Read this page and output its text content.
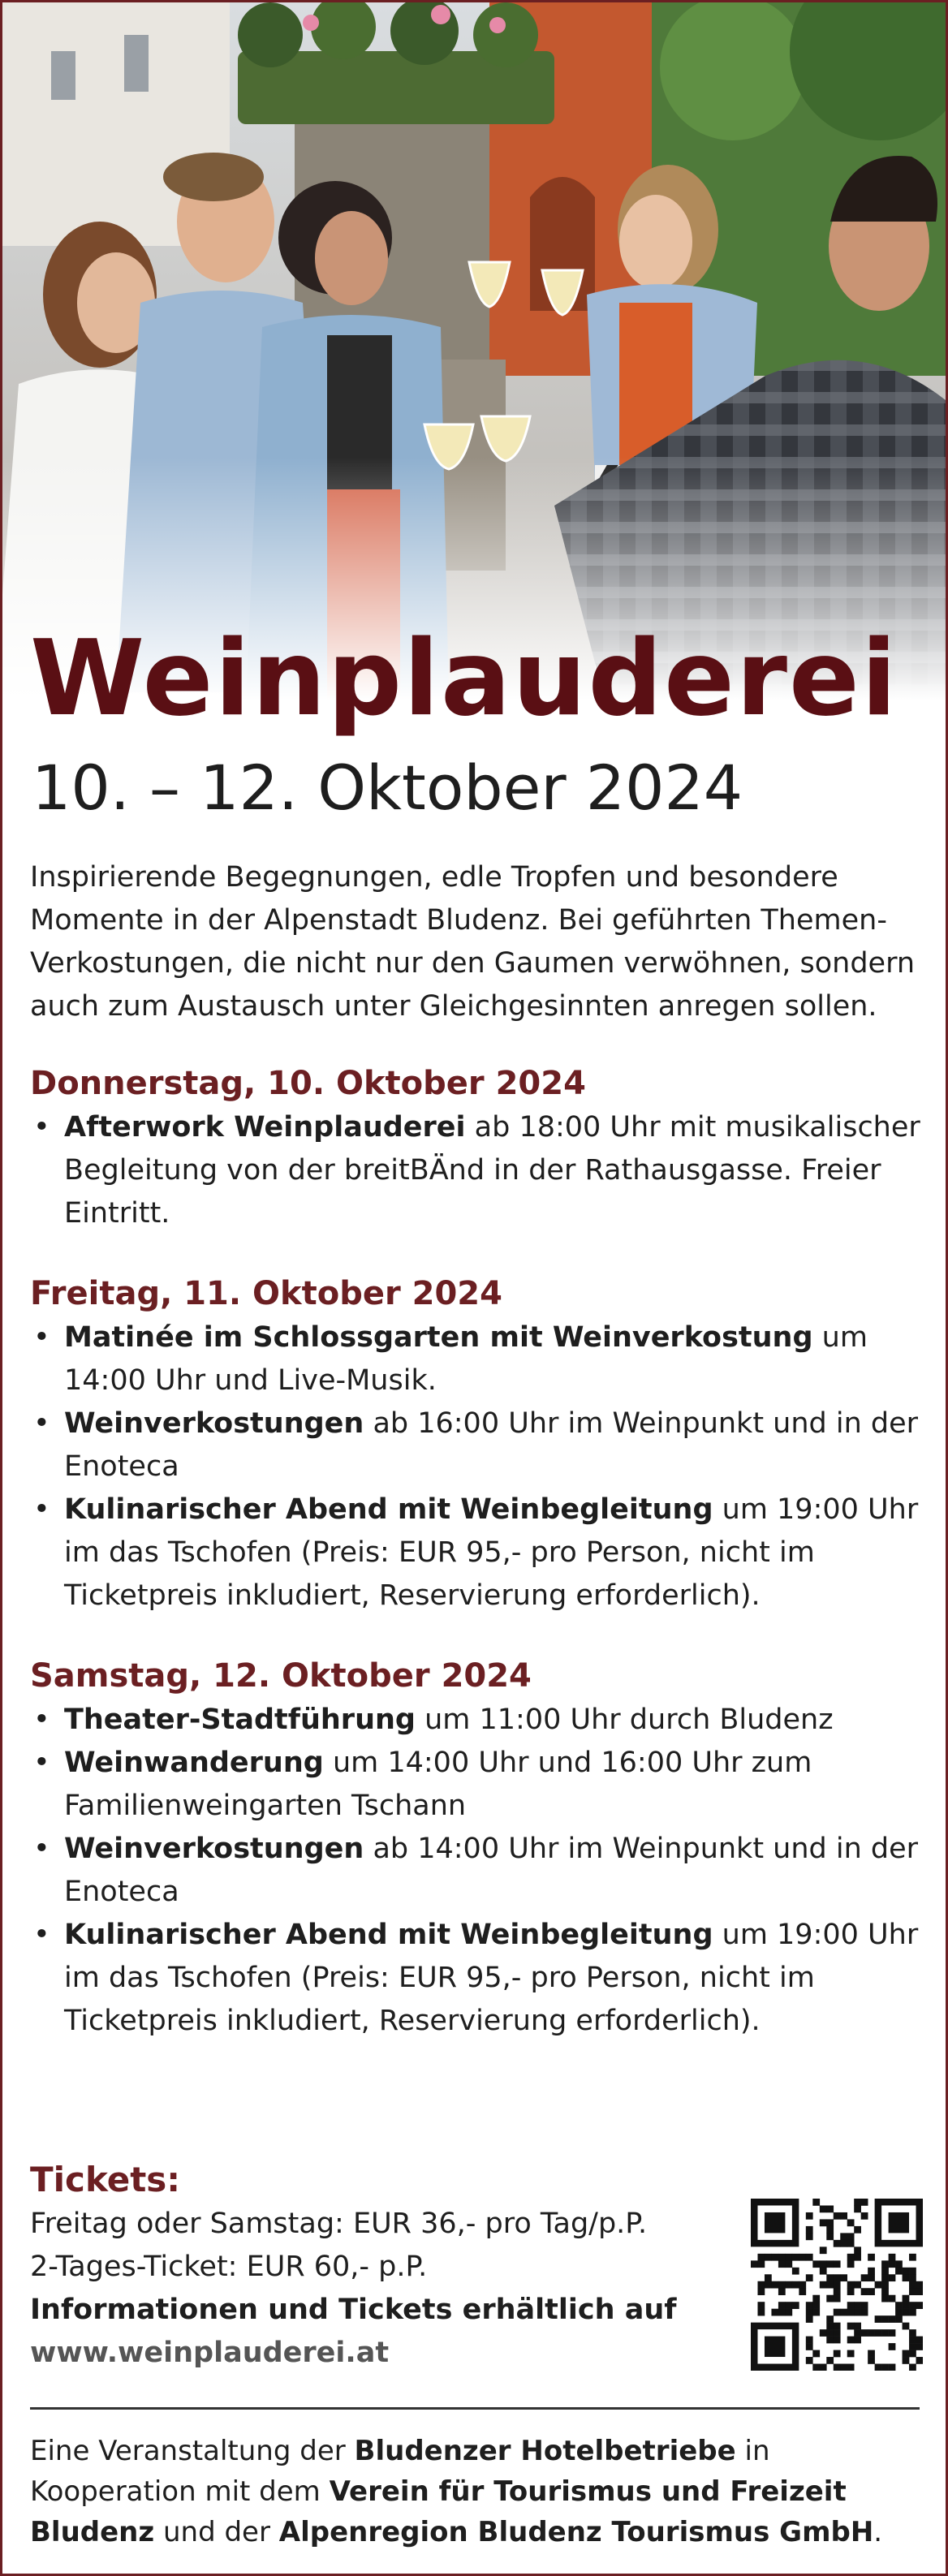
Weinplauderei
10. – 12. Oktober 2024

Inspirierende Begegnungen, edle Tropfen und besondere Momente in der Alpenstadt Bludenz. Bei geführten Themen-Verkostungen, die nicht nur den Gaumen verwöhnen, sondern auch zum Austausch unter Gleichgesinnten anregen sollen.

Donnerstag, 10. Oktober 2024

• Afterwork Weinplauderei ab 18:00 Uhr mit musikalischer Begleitung von der breitBÄnd in der Rathausgasse. Freier Eintritt.

Freitag, 11. Oktober 2024

• Matinée im Schlossgarten mit Weinverkostung um 14:00 Uhr und Live-Musik.
• Weinverkostungen ab 16:00 Uhr im Weinpunkt und in der Enoteca
• Kulinarischer Abend mit Weinbegleitung um 19:00 Uhr im das Tschofen (Preis: EUR 95,- pro Person, nicht im Ticketpreis inkludiert, Reservierung erforderlich).

Samstag, 12. Oktober 2024

• Theater-Stadtführung um 11:00 Uhr durch Bludenz
• Weinwanderung um 14:00 Uhr und 16:00 Uhr zum Familienweingarten Tschann
• Weinverkostungen ab 14:00 Uhr im Weinpunkt und in der Enoteca
• Kulinarischer Abend mit Weinbegleitung um 19:00 Uhr im das Tschofen (Preis: EUR 95,- pro Person, nicht im Ticketpreis inkludiert, Reservierung erforderlich).
Tickets:
Freitag oder Samstag: EUR 36,- pro Tag/p.P.
2-Tages-Ticket: EUR 60,- p.P.
Informationen und Tickets erhältlich auf
www.weinplauderei.at
Eine Veranstaltung der Bludenzer Hotelbetriebe in Kooperation mit dem Verein für Tourismus und Freizeit Bludenz und der Alpenregion Bludenz Tourismus GmbH.
